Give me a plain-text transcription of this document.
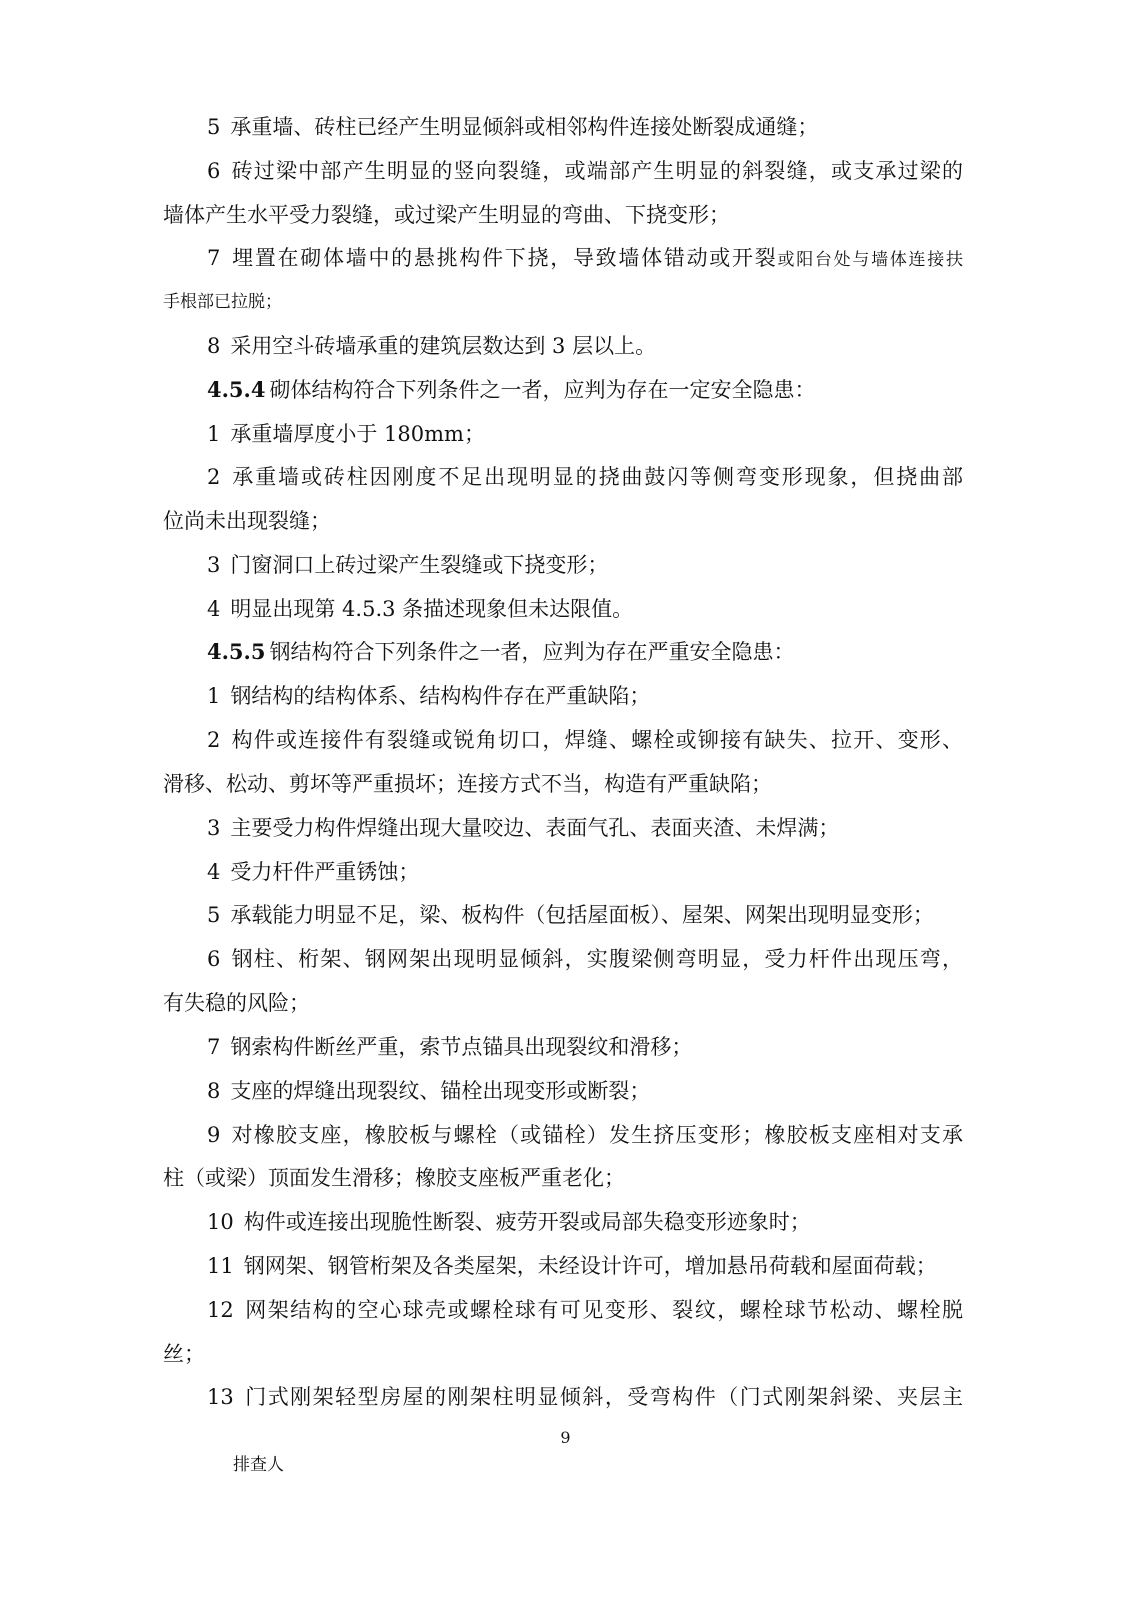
5 承重墙、砖柱已经产生明显倾斜或相邻构件连接处断裂成通缝；
6 砖过梁中部产生明显的竖向裂缝，或端部产生明显的斜裂缝，或支承过梁的
墙体产生水平受力裂缝，或过梁产生明显的弯曲、下挠变形；
7 埋置在砌体墙中的悬挑构件下挠，导致墙体错动或开裂或阳台处与墙体连接扶
手根部已拉脱；
8 采用空斗砖墙承重的建筑层数达到 3 层以上。
4.5.4 砌体结构符合下列条件之一者，应判为存在一定安全隐患：
1 承重墙厚度小于 180mm；
2 承重墙或砖柱因刚度不足出现明显的挠曲鼓闪等侧弯变形现象，但挠曲部
位尚未出现裂缝；
3 门窗洞口上砖过梁产生裂缝或下挠变形；
4 明显出现第 4.5.3 条描述现象但未达限值。
4.5.5 钢结构符合下列条件之一者，应判为存在严重安全隐患：
1 钢结构的结构体系、结构构件存在严重缺陷；
2 构件或连接件有裂缝或锐角切口，焊缝、螺栓或铆接有缺失、拉开、变形、
滑移、松动、剪坏等严重损坏；连接方式不当，构造有严重缺陷；
3 主要受力构件焊缝出现大量咬边、表面气孔、表面夹渣、未焊满；
4 受力杆件严重锈蚀；
5 承载能力明显不足，梁、板构件（包括屋面板）、屋架、网架出现明显变形；
6 钢柱、桁架、钢网架出现明显倾斜，实腹梁侧弯明显，受力杆件出现压弯，
有失稳的风险；
7 钢索构件断丝严重，索节点锚具出现裂纹和滑移；
8 支座的焊缝出现裂纹、锚栓出现变形或断裂；
9 对橡胶支座，橡胶板与螺栓（或锚栓）发生挤压变形；橡胶板支座相对支承
柱（或梁）顶面发生滑移；橡胶支座板严重老化；
10 构件或连接出现脆性断裂、疲劳开裂或局部失稳变形迹象时；
11 钢网架、钢管桁架及各类屋架，未经设计许可，增加悬吊荷载和屋面荷载；
12 网架结构的空心球壳或螺栓球有可见变形、裂纹，螺栓球节松动、螺栓脱
丝；
13 门式刚架轻型房屋的刚架柱明显倾斜，受弯构件（门式刚架斜梁、夹层主
9
排查人
